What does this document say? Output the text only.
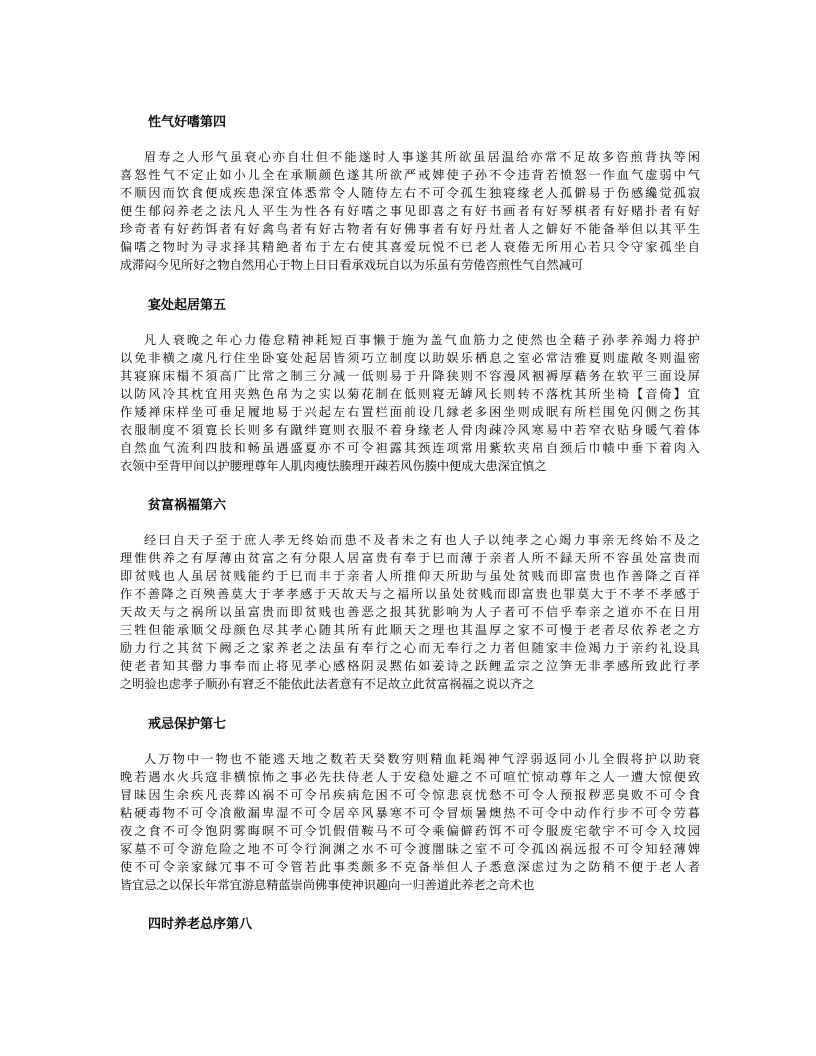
性气好嗜第四
眉寿之人形气虽衰心亦自壮但不能遂时人事遂其所欲虽居温给亦常不足故多咨煎背执等闲
喜怒性气不定止如小儿全在承顺颜色遂其所欲严戒婢使子孙不令违背若愤怒一作血气虚弱中气
不顺因而饮食便成疾患深宜体悉常令人随侍左右不可令孤生独寝缘老人孤僻易于伤感纔觉孤寂
便生郁闷养老之法凡人平生为性各有好嗜之事见即喜之有好书画者有好琴棋者有好赌扑者有好
珍奇者有好药饵者有好禽鸟者有好古物者有好佛事者有好丹灶者人之僻好不能备举但以其平生
偏嗜之物时为寻求择其精絶者布于左右使其喜爱玩悦不已老人衰倦无所用心若只令守家孤坐自
成滞闷今见所好之物自然用心于物上日日看承戏玩自以为乐虽有劳倦咨煎性气自然减可
宴处起居第五
凡人衰晚之年心力倦怠精神耗短百事懒于施为盖气血筋力之使然也全藉子孙孝养竭力将护
以免非横之虞凡行住坐卧宴处起居皆须巧立制度以助娱乐栖息之室必常洁雅夏则虚敞冬则温密
其寝寐床榻不須高广比常之制三分减一低则易于升降狭则不容漫风裀褥厚藉务在软平三面设屏
以防风冷其枕宜用夹熟色帛为之实以菊花制在低则寝无罅风长则转不落枕其所坐椅【音倚】宜
作矮禅床样坐可垂足履地易于兴起左右置栏面前设几縁老多困坐则成眠有所栏围免闪侧之伤其
衣服制度不須寛长长则多有蹴绊寛则衣服不着身缘老人骨肉疎冷风寒易中若窄衣贴身暖气着体
自然血气流利四肢和畅虽遇盛夏亦不可令袒露其颈连项常用紫软夹帛自颈后巾帻中垂下着肉入
衣领中至背甲间以护腰理尊年人肌肉瘦怯腠理开疎若风伤腠中便成大患深宜慎之
贫富祸福第六
经曰自天子至于庶人孝无终始而患不及者未之有也人子以纯孝之心竭力事亲无终始不及之
理惟供养之有厚薄由贫富之有分限人居富贵有奉于巳而薄于亲者人所不録天所不容虽处富贵而
即贫贱也人虽居贫贱能约于巳而丰于亲者人所推仰天所助与虽处贫贱而即富贵也作善降之百祥
作不善降之百殃善莫大于孝孝感于天故天与之福所以虽处贫贱而即富贵也罪莫大于不孝不孝感于
天故天与之祸所以虽富贵而即贫贱也善恶之报其犹影响为人子者可不信乎奉亲之道亦不在日用
三牲但能承顺父母颜色尽其孝心随其所有此顺天之理也其温厚之家不可慢于老者尽依养老之方
励力行之其贫下阙乏之家养老之法虽有奉行之心而无奉行之力者但随家丰俭竭力于亲约礼设具
使老者知其罄力事奉而止将见孝心感格阴灵黙佑如姜诗之跃鲤孟宗之泣笋无非孝感所致此行孝
之明验也虑孝子顺孙有窘乏不能依此法者意有不足故立此贫富祸福之说以齐之
戒忌保护第七
人万物中一物也不能逃天地之数若天癸数穷则精血耗竭神气浮弱返同小儿全假将护以助衰
晚若遇水火兵寇非横惊怖之事必先扶侍老人于安稳处避之不可喧忙惊动尊年之人一遭大惊便致
冒昧因生余疾凡丧葬凶祸不可令吊疾病危困不可令惊悲哀忧愁不可令人预报秽恶臭败不可令食
粘硬毒物不可令飡敝漏卑湿不可令居卒风暴寒不可令冒烦暑燠热不可令中动作行步不可令劳暮
夜之食不可令饱阴雾晦暝不可令饥假借鞍马不可令乘偏僻药饵不可令服废宅欹宇不可令入坟园
冢墓不可令游危险之地不可令行涧渊之水不可令渡闇昧之室不可令孤凶祸远报不可令知轻薄婢
使不可令亲家縁冗事不可令管若此事类颇多不克备举但人子悉意深虑过为之防稍不便于老人者
皆宜忌之以保长年常宜游息精蓝崇尚佛事使神识趣向一归善道此养老之竒术也
四时养老总序第八
